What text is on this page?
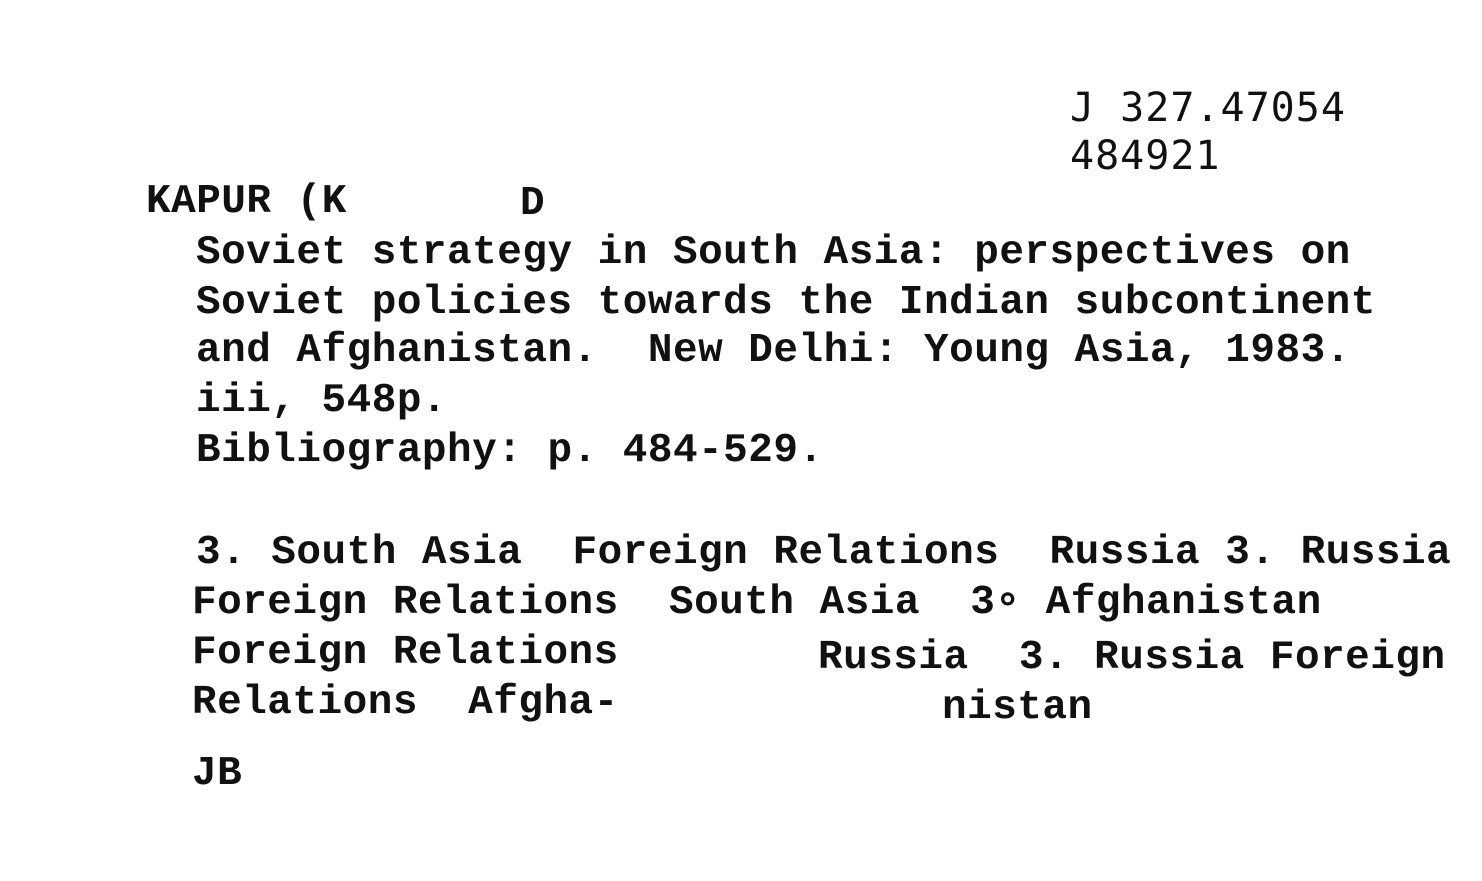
J 327.47054
484921
KAPUR (K	D
Soviet strategy in South Asia: perspectives on
Soviet policies towards the Indian subcontinent
and Afghanistan.  New Delhi: Young Asia, 1983.
iii, 548p.
Bibliography: p. 484-529.
3. South Asia  Foreign Relations  Russia 3. Russia
Foreign Relations  South Asia  3∘ Afghanistan
Foreign Relations	Russia  3. Russia Foreign
Relations  Afgha-	nistan
JB
